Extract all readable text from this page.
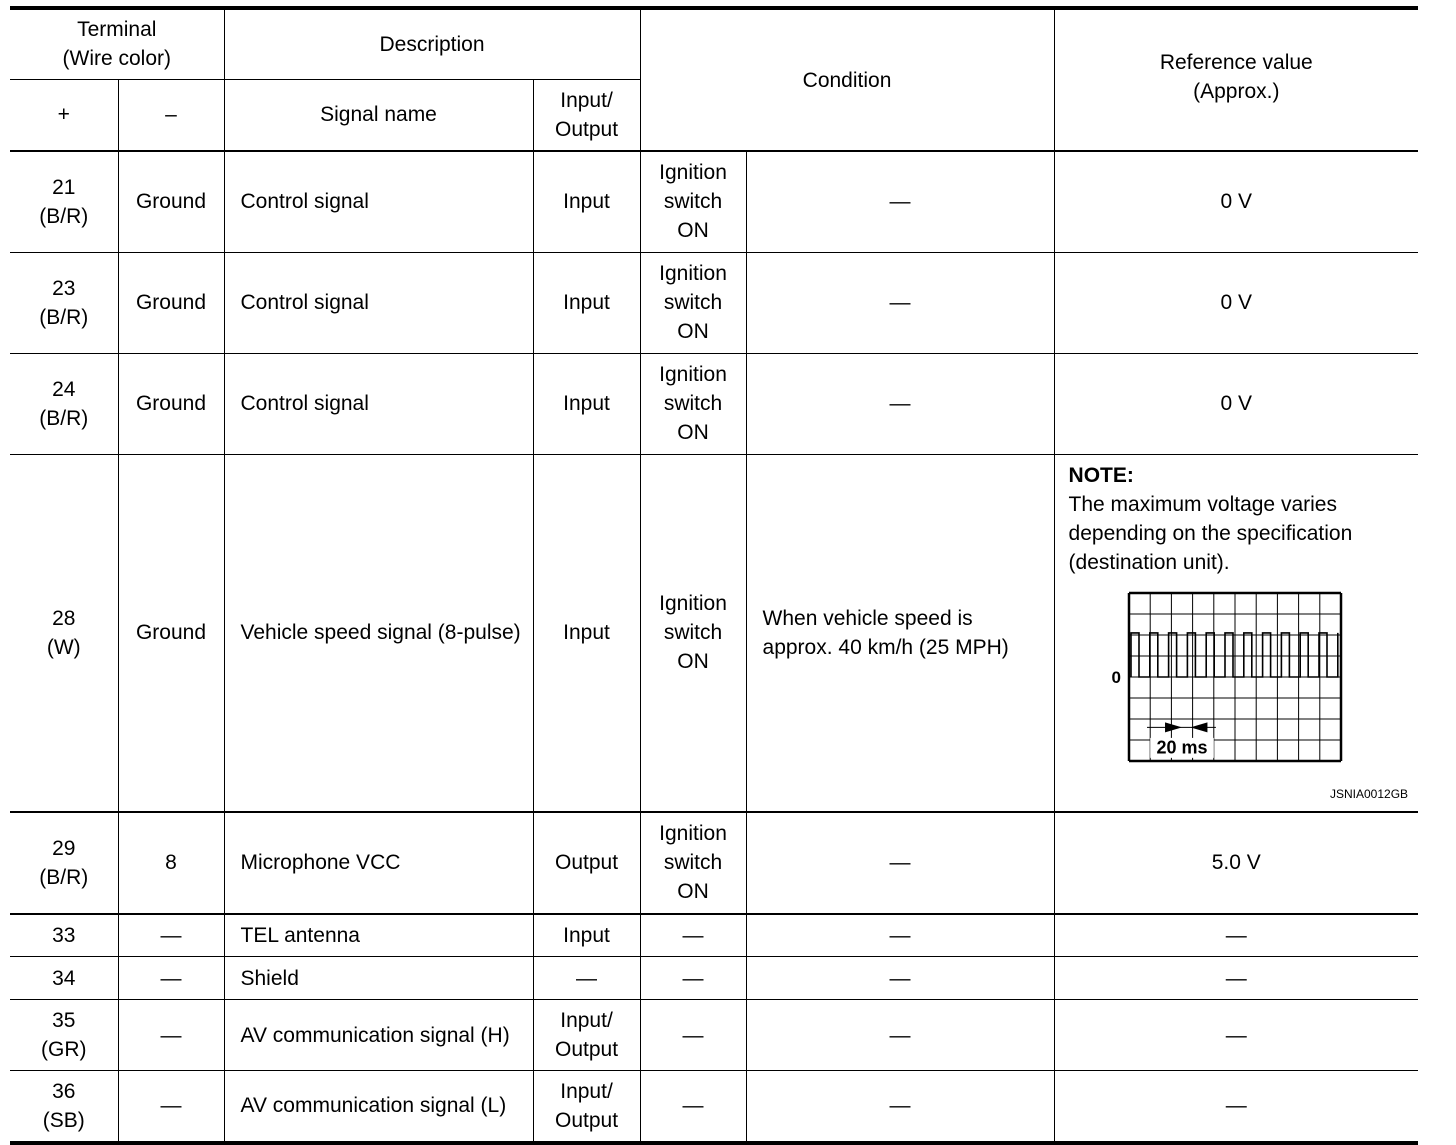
Terminal
(Wire color)		Description		Condition		Reference value
(Approx.)
+	–	Signal name	Input/
Output			
21
(B/R)	Ground	Control signal	Input	Ignition switch ON	—	0 V
23
(B/R)	Ground	Control signal	Input	Ignition switch ON	—	0 V
24
(B/R)	Ground	Control signal	Input	Ignition switch ON	—	0 V
28
(W)	Ground	Vehicle speed signal (8-pulse)	Input	Ignition switch ON	When vehicle speed is approx. 40 km/h (25 MPH)	NOTE:
The maximum voltage varies depending on the specification (destination unit).
20 ms
0
JSNIA0012GB

29
(B/R)	8	Microphone VCC	Output	Ignition switch ON	—	5.0 V
33	—	TEL antenna	Input	—	—	—
34	—	Shield	—	—	—	—
35
(GR)	—	AV communication signal (H)	Input/ Output	—	—	—
36
(SB)	—	AV communication signal (L)	Input/ Output	—	—	—
